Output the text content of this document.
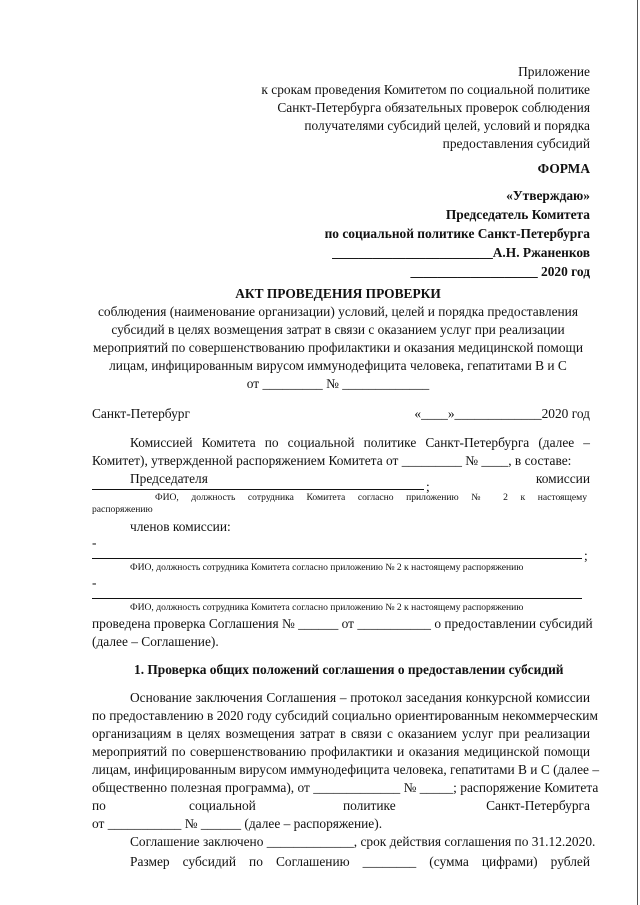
Приложение
к срокам проведения Комитетом по социальной политике
Санкт-Петербурга обязательных проверок соблюдения
получателями субсидий целей, условий и порядка
предоставления субсидий
ФОРМА
«Утверждаю»
Председатель Комитета
по социальной политике Санкт-Петербурга
________________________А.Н. Ржаненков
___________________ 2020 год
АКТ ПРОВЕДЕНИЯ ПРОВЕРКИ
соблюдения (наименование организации) условий, целей и порядка предоставления
субсидий в целях возмещения затрат в связи с оказанием услуг при реализации
мероприятий по совершенствованию профилактики и оказания медицинской помощи
лицам, инфицированным вирусом иммунодефицита человека, гепатитами В и С
от _________ № _____________
Санкт-Петербург	«____»_____________2020 год
Комиссией Комитета по социальной политике Санкт-Петербурга (далее –
Комитет), утвержденной распоряжением Комитета от _________ № ____, в составе:
Председателя	комиссии
;
ФИО, должность сотрудника Комитета согласно приложению № 2 к настоящему
распоряжению
членов комиссии:
-
;
ФИО, должность сотрудника Комитета согласно приложению № 2 к настоящему распоряжению
-
ФИО, должность сотрудника Комитета согласно приложению № 2 к настоящему распоряжению
проведена проверка Соглашения № ______ от ___________ о предоставлении субсидий
(далее – Соглашение).
1. Проверка общих положений соглашения о предоставлении субсидий
Основание заключения Соглашения – протокол заседания конкурсной комиссии
по предоставлению в 2020 году субсидий социально ориентированным некоммерческим
организациям в целях возмещения затрат в связи с оказанием услуг при реализации
мероприятий по совершенствованию профилактики и оказания медицинской помощи
лицам, инфицированным вирусом иммунодефицита человека, гепатитами В и С (далее –
общественно полезная программа), от _____________ № _____; распоряжение Комитета
по	социальной	политике	Санкт-Петербурга
от ___________ № ______ (далее – распоряжение).
Соглашение заключено _____________, срок действия соглашения по 31.12.2020.
Размер субсидий по Соглашению ________ (сумма цифрами) рублей
